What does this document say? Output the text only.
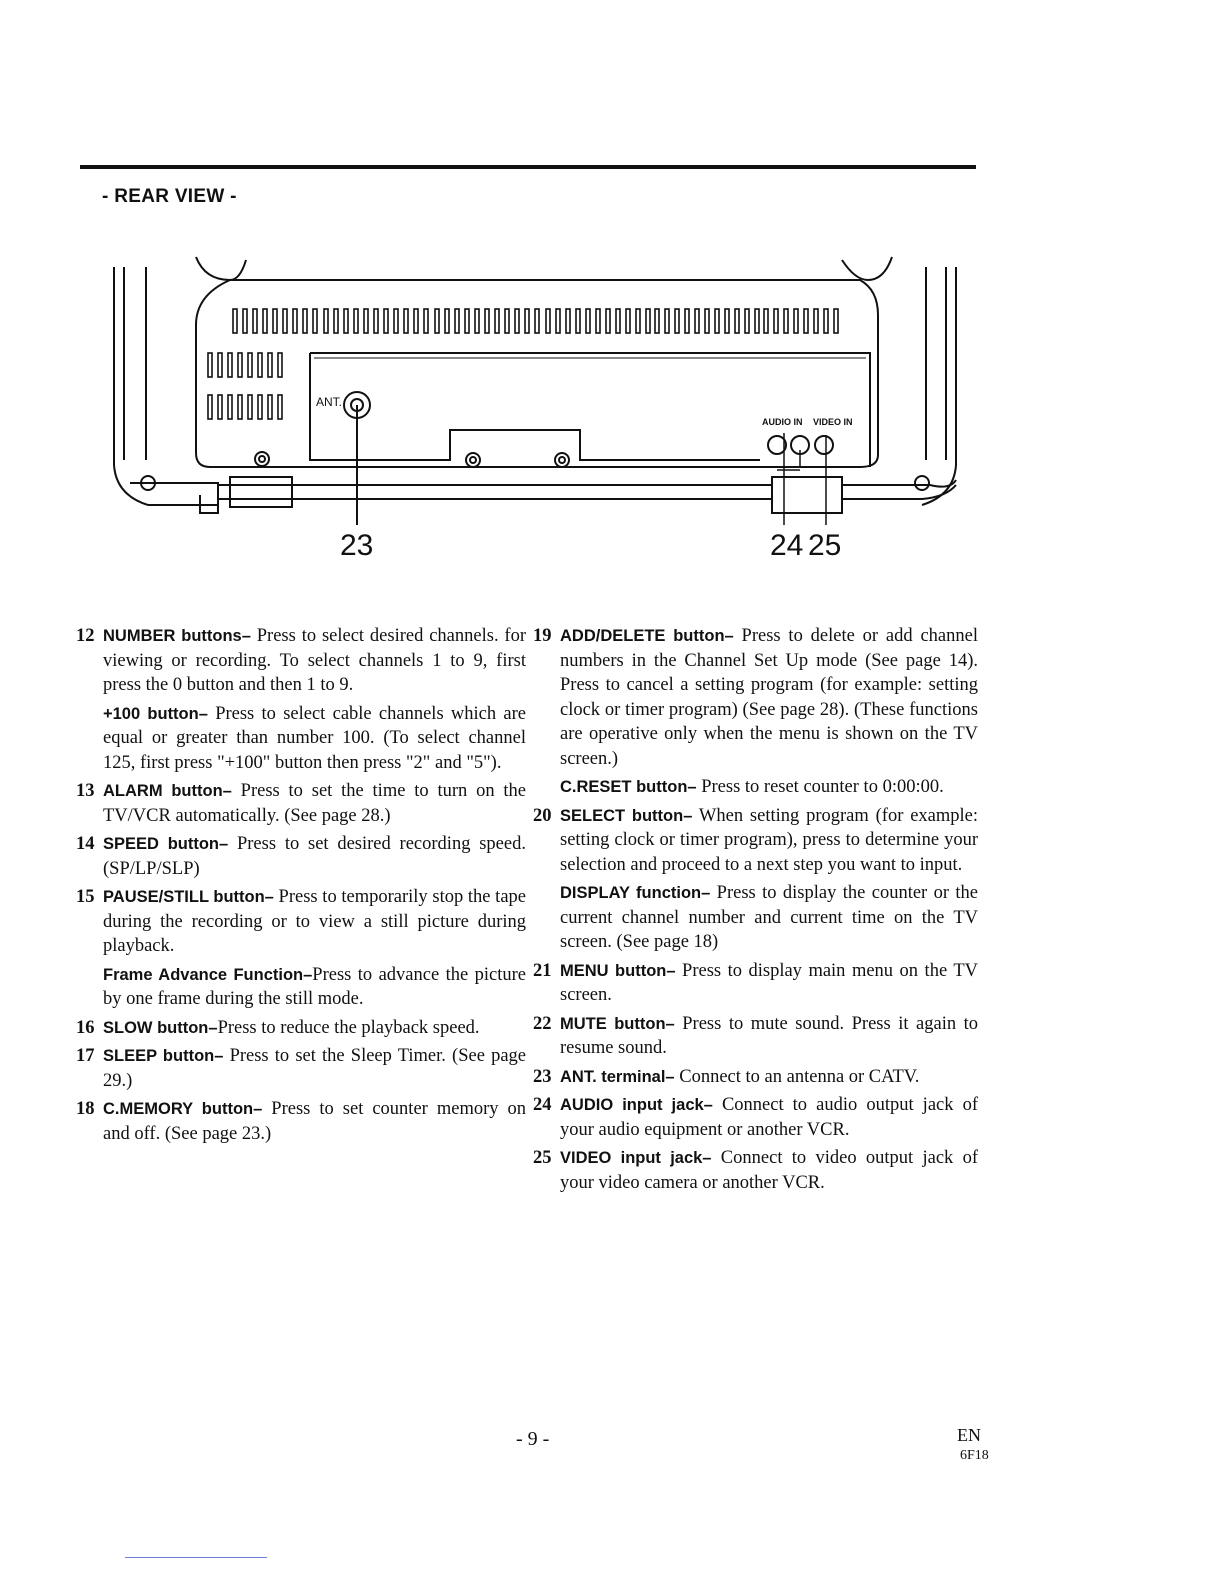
- REAR VIEW -
ANT.
AUDIO IN VIDEO IN
23	24 25
12 NUMBER buttons– Press to select desired channels. for viewing or recording. To select channels 1 to 9, first press the 0 button and then 1 to 9.
+100 button– Press to select cable channels which are equal or greater than number 100. (To select channel 125, first press "+100" button then press "2" and "5").
13 ALARM button– Press to set the time to turn on the TV/VCR automatically. (See page 28.)
14 SPEED button– Press to set desired recording speed. (SP/LP/SLP)
15 PAUSE/STILL button– Press to temporarily stop the tape during the recording or to view a still picture during playback.
Frame Advance Function–Press to advance the picture by one frame during the still mode.
16 SLOW button–Press to reduce the playback speed.
17 SLEEP button– Press to set the Sleep Timer. (See page 29.)
18 C.MEMORY button– Press to set counter memory on and off. (See page 23.)
19 ADD/DELETE button– Press to delete or add channel numbers in the Channel Set Up mode (See page 14). Press to cancel a setting program (for example: setting clock or timer program) (See page 28). (These functions are operative only when the menu is shown on the TV screen.)
C.RESET button– Press to reset counter to 0:00:00.
20 SELECT button– When setting program (for example: setting clock or timer program), press to determine your selection and proceed to a next step you want to input.
DISPLAY function– Press to display the counter or the current channel number and current time on the TV screen. (See page 18)
21 MENU button– Press to display main menu on the TV screen.
22 MUTE button– Press to mute sound. Press it again to resume sound.
23 ANT. terminal– Connect to an antenna or CATV.
24 AUDIO input jack– Connect to audio output jack of your audio equipment or another VCR.
25 VIDEO input jack– Connect to video output jack of your video camera or another VCR.
- 9 -	EN
6F18
